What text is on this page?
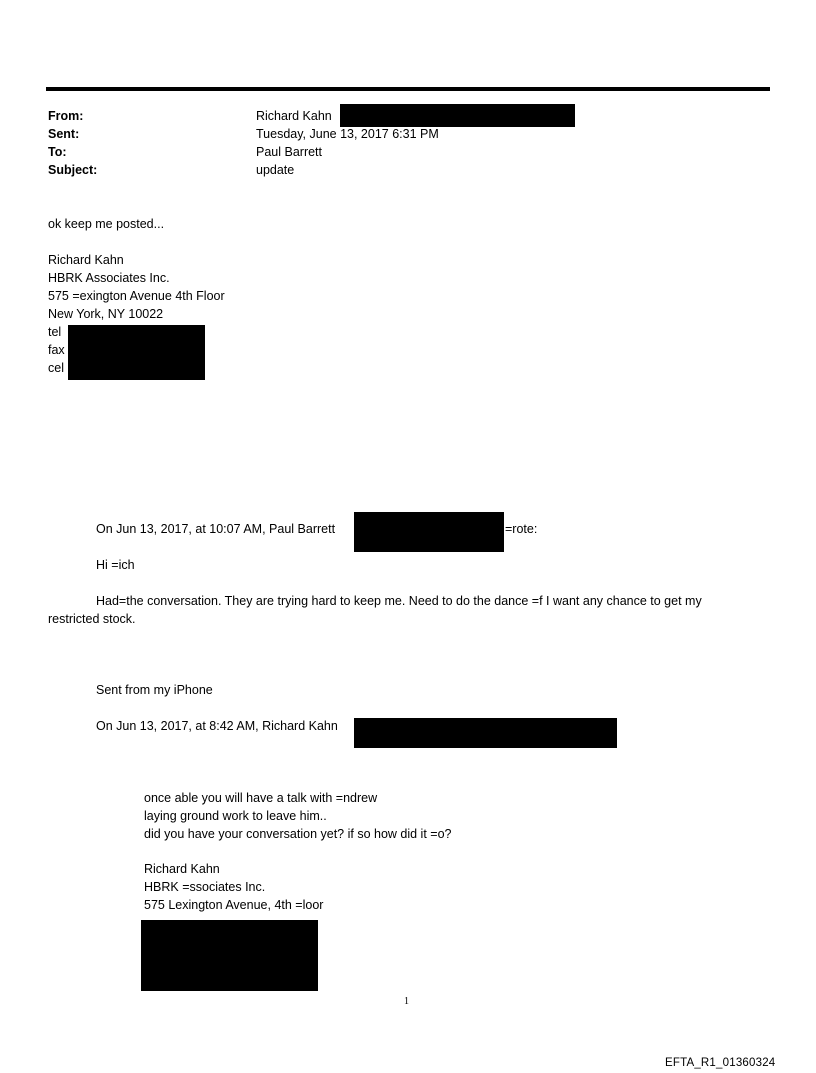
From:	Richard Kahn
Sent:	Tuesday, June 13, 2017 6:31 PM
To:	Paul Barrett
Subject:	update
ok keep me posted...
Richard Kahn
HBRK Associates Inc.
575 =exington Avenue 4th Floor
New York, NY 10022
tel
fax
cel
On Jun 13, 2017, at 10:07 AM, Paul Barrett	=rote:
Hi =ich
Had=the conversation. They are trying hard to keep me. Need to do the dance =f I want any chance to get my
restricted stock.
Sent from my iPhone
On Jun 13, 2017, at 8:42 AM, Richard Kahn
once able you will have a talk with =ndrew
laying ground work to leave him..
did you have your conversation yet? if so how did it =o?
Richard Kahn
HBRK =ssociates Inc.
575 Lexington Avenue, 4th =loor
1
EFTA_R1_01360324
